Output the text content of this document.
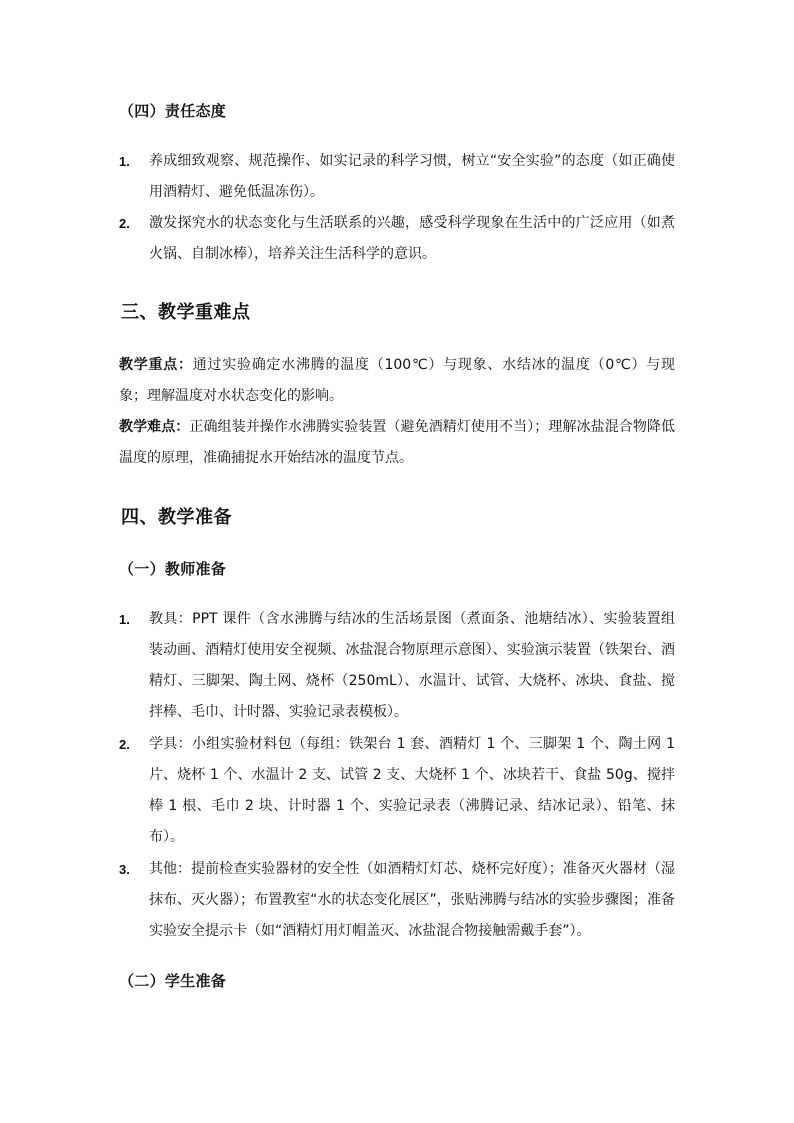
（四）责任态度
1. 养成细致观察、规范操作、如实记录的科学习惯，树立“安全实验”的态度（如正确使用酒精灯、避免低温冻伤）。
2. 激发探究水的状态变化与生活联系的兴趣，感受科学现象在生活中的广泛应用（如煮火锅、自制冰棒），培养关注生活科学的意识。
三、教学重难点
教学重点：通过实验确定水沸腾的温度（100℃）与现象、水结冰的温度（0℃）与现象；理解温度对水状态变化的影响。
教学难点：正确组装并操作水沸腾实验装置（避免酒精灯使用不当）；理解冰盐混合物降低温度的原理，准确捕捉水开始结冰的温度节点。
四、教学准备
（一）教师准备
1. 教具：PPT 课件（含水沸腾与结冰的生活场景图（煮面条、池塘结冰）、实验装置组装动画、酒精灯使用安全视频、冰盐混合物原理示意图）、实验演示装置（铁架台、酒精灯、三脚架、陶土网、烧杯（250mL）、水温计、试管、大烧杯、冰块、食盐、搅拌棒、毛巾、计时器、实验记录表模板）。
2. 学具：小组实验材料包（每组：铁架台 1 套、酒精灯 1 个、三脚架 1 个、陶土网 1 片、烧杯 1 个、水温计 2 支、试管 2 支、大烧杯 1 个、冰块若干、食盐 50g、搅拌棒 1 根、毛巾 2 块、计时器 1 个、实验记录表（沸腾记录、结冰记录）、铅笔、抹布）。
3. 其他：提前检查实验器材的安全性（如酒精灯灯芯、烧杯完好度）；准备灭火器材（湿抹布、灭火器）；布置教室“水的状态变化展区”，张贴沸腾与结冰的实验步骤图；准备实验安全提示卡（如“酒精灯用灯帽盖灭、冰盐混合物接触需戴手套”）。
（二）学生准备
